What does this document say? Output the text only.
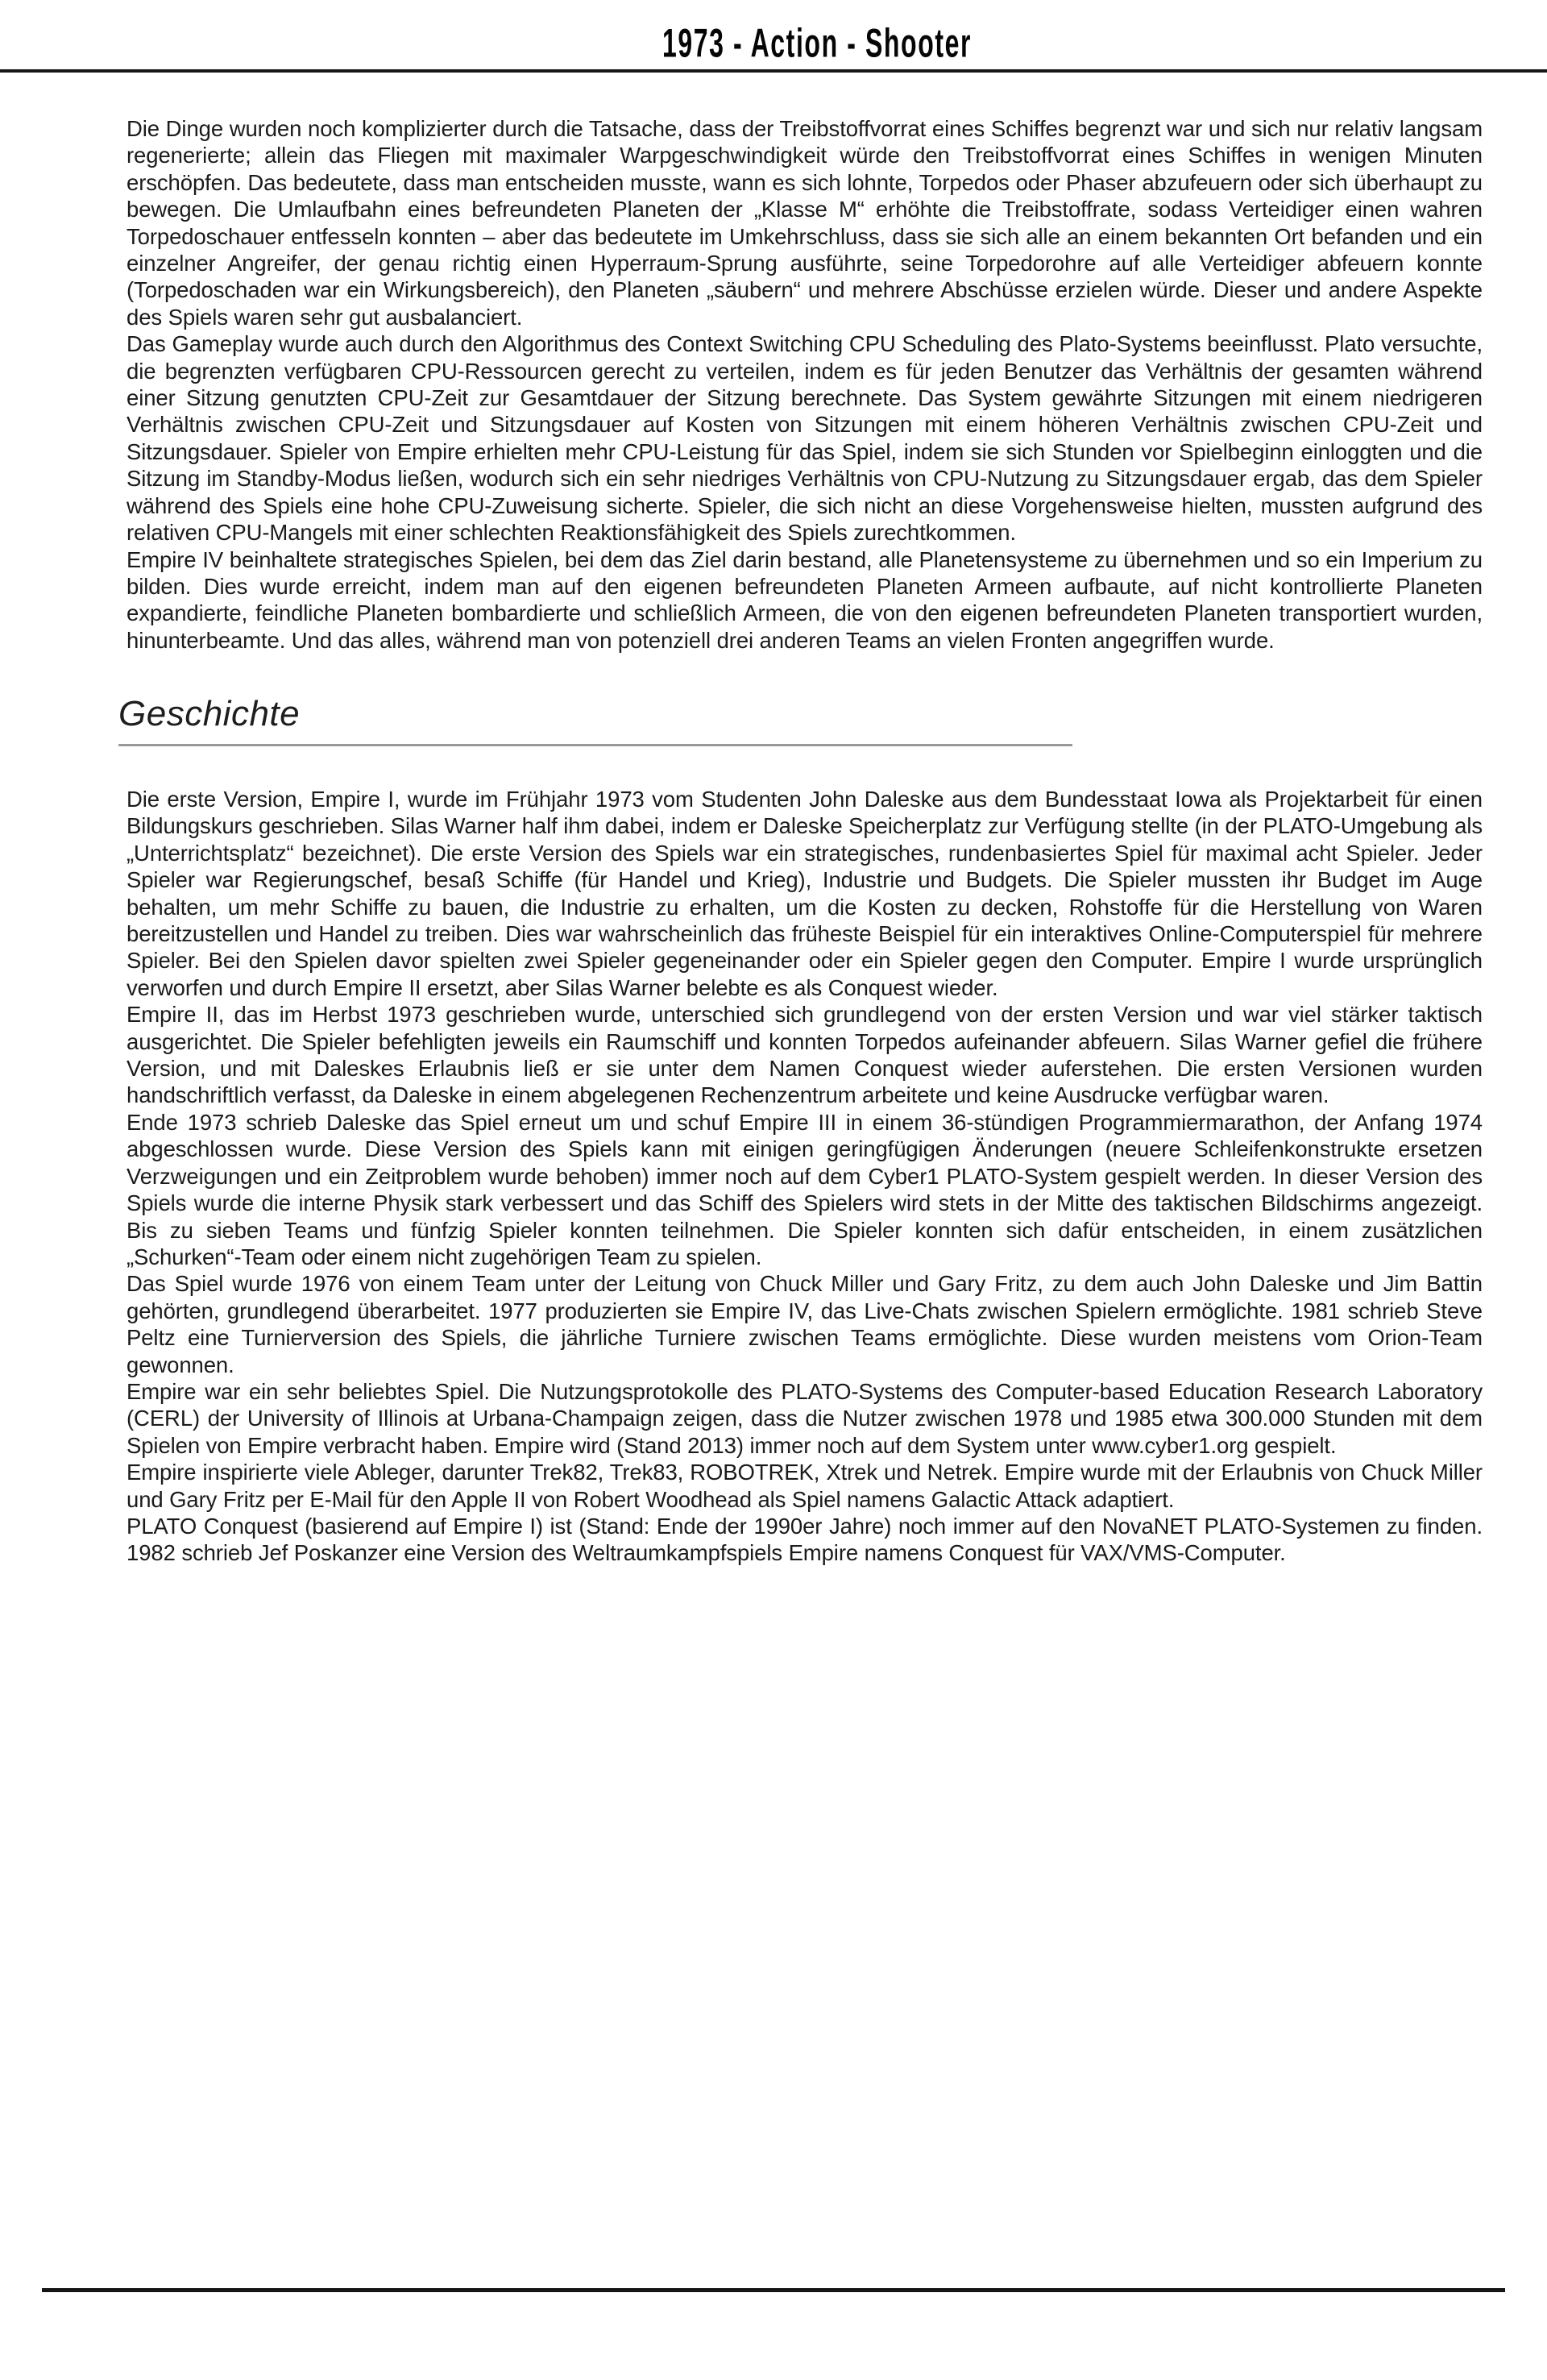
1973 - Action - Shooter

Die Dinge wurden noch komplizierter durch die Tatsache, dass der Treibstoffvorrat eines Schiffes begrenzt war und sich nur relativ langsam regenerierte; allein das Fliegen mit maximaler Warpgeschwindigkeit würde den Treibstoffvorrat eines Schiffes in wenigen Minuten erschöpfen. Das bedeutete, dass man entscheiden musste, wann es sich lohnte, Torpedos oder Phaser abzufeuern oder sich überhaupt zu bewegen. Die Umlaufbahn eines befreundeten Planeten der „Klasse M“ erhöhte die Treibstoffrate, sodass Verteidiger einen wahren Torpedoschauer entfesseln konnten – aber das bedeutete im Umkehrschluss, dass sie sich alle an einem bekannten Ort befanden und ein einzelner Angreifer, der genau richtig einen Hyperraum-Sprung ausführte, seine Torpedorohre auf alle Verteidiger abfeuern konnte (Torpedoschaden war ein Wirkungsbereich), den Planeten „säubern“ und mehrere Abschüsse erzielen würde. Dieser und andere Aspekte des Spiels waren sehr gut ausbalanciert.

Das Gameplay wurde auch durch den Algorithmus des Context Switching CPU Scheduling des Plato-Systems beeinflusst. Plato versuchte, die begrenzten verfügbaren CPU-Ressourcen gerecht zu verteilen, indem es für jeden Benutzer das Verhältnis der gesamten während einer Sitzung genutzten CPU-Zeit zur Gesamtdauer der Sitzung berechnete. Das System gewährte Sitzungen mit einem niedrigeren Verhältnis zwischen CPU-Zeit und Sitzungsdauer auf Kosten von Sitzungen mit einem höheren Verhältnis zwischen CPU-Zeit und Sitzungsdauer. Spieler von Empire erhielten mehr CPU-Leistung für das Spiel, indem sie sich Stunden vor Spielbeginn einloggten und die Sitzung im Standby-Modus ließen, wodurch sich ein sehr niedriges Verhältnis von CPU-Nutzung zu Sitzungsdauer ergab, das dem Spieler während des Spiels eine hohe CPU-Zuweisung sicherte. Spieler, die sich nicht an diese Vorgehensweise hielten, mussten aufgrund des relativen CPU-Mangels mit einer schlechten Reaktionsfähigkeit des Spiels zurechtkommen.

Empire IV beinhaltete strategisches Spielen, bei dem das Ziel darin bestand, alle Planetensysteme zu übernehmen und so ein Imperium zu bilden. Dies wurde erreicht, indem man auf den eigenen befreundeten Planeten Armeen aufbaute, auf nicht kontrollierte Planeten expandierte, feindliche Planeten bombardierte und schließlich Armeen, die von den eigenen befreundeten Planeten transportiert wurden, hinunterbeamte. Und das alles, während man von potenziell drei anderen Teams an vielen Fronten angegriffen wurde.

Geschichte

Die erste Version, Empire I, wurde im Frühjahr 1973 vom Studenten John Daleske aus dem Bundesstaat Iowa als Projektarbeit für einen Bildungskurs geschrieben. Silas Warner half ihm dabei, indem er Daleske Speicherplatz zur Verfügung stellte (in der PLATO-Umgebung als „Unterrichtsplatz“ bezeichnet). Die erste Version des Spiels war ein strategisches, rundenbasiertes Spiel für maximal acht Spieler. Jeder Spieler war Regierungschef, besaß Schiffe (für Handel und Krieg), Industrie und Budgets. Die Spieler mussten ihr Budget im Auge behalten, um mehr Schiffe zu bauen, die Industrie zu erhalten, um die Kosten zu decken, Rohstoffe für die Herstellung von Waren bereitzustellen und Handel zu treiben. Dies war wahrscheinlich das früheste Beispiel für ein interaktives Online-Computerspiel für mehrere Spieler. Bei den Spielen davor spielten zwei Spieler gegeneinander oder ein Spieler gegen den Computer. Empire I wurde ursprünglich verworfen und durch Empire II ersetzt, aber Silas Warner belebte es als Conquest wieder.

Empire II, das im Herbst 1973 geschrieben wurde, unterschied sich grundlegend von der ersten Version und war viel stärker taktisch ausgerichtet. Die Spieler befehligten jeweils ein Raumschiff und konnten Torpedos aufeinander abfeuern. Silas Warner gefiel die frühere Version, und mit Daleskes Erlaubnis ließ er sie unter dem Namen Conquest wieder auferstehen. Die ersten Versionen wurden handschriftlich verfasst, da Daleske in einem abgelegenen Rechenzentrum arbeitete und keine Ausdrucke verfügbar waren.

Ende 1973 schrieb Daleske das Spiel erneut um und schuf Empire III in einem 36-stündigen Programmiermarathon, der Anfang 1974 abgeschlossen wurde. Diese Version des Spiels kann mit einigen geringfügigen Änderungen (neuere Schleifenkonstrukte ersetzen Verzweigungen und ein Zeitproblem wurde behoben) immer noch auf dem Cyber1 PLATO-System gespielt werden. In dieser Version des Spiels wurde die interne Physik stark verbessert und das Schiff des Spielers wird stets in der Mitte des taktischen Bildschirms angezeigt. Bis zu sieben Teams und fünfzig Spieler konnten teilnehmen. Die Spieler konnten sich dafür entscheiden, in einem zusätzlichen „Schurken“-Team oder einem nicht zugehörigen Team zu spielen.

Das Spiel wurde 1976 von einem Team unter der Leitung von Chuck Miller und Gary Fritz, zu dem auch John Daleske und Jim Battin gehörten, grundlegend überarbeitet. 1977 produzierten sie Empire IV, das Live-Chats zwischen Spielern ermöglichte. 1981 schrieb Steve Peltz eine Turnierversion des Spiels, die jährliche Turniere zwischen Teams ermöglichte. Diese wurden meistens vom Orion-Team gewonnen.

Empire war ein sehr beliebtes Spiel. Die Nutzungsprotokolle des PLATO-Systems des Computer-based Education Research Laboratory (CERL) der University of Illinois at Urbana-Champaign zeigen, dass die Nutzer zwischen 1978 und 1985 etwa 300.000 Stunden mit dem Spielen von Empire verbracht haben. Empire wird (Stand 2013) immer noch auf dem System unter www.cyber1.org gespielt.

Empire inspirierte viele Ableger, darunter Trek82, Trek83, ROBOTREK, Xtrek und Netrek. Empire wurde mit der Erlaubnis von Chuck Miller und Gary Fritz per E-Mail für den Apple II von Robert Woodhead als Spiel namens Galactic Attack adaptiert.

PLATO Conquest (basierend auf Empire I) ist (Stand: Ende der 1990er Jahre) noch immer auf den NovaNET PLATO-Systemen zu finden. 1982 schrieb Jef Poskanzer eine Version des Weltraumkampfspiels Empire namens Conquest für VAX/VMS-Computer.
